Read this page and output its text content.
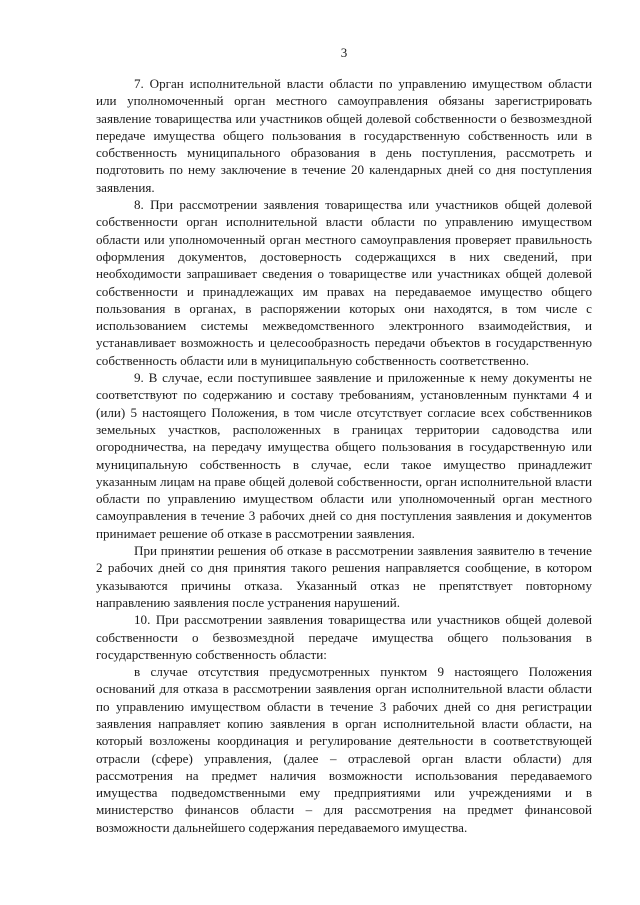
3

7. Орган исполнительной власти области по управлению имуществом области или уполномоченный орган местного самоуправления обязаны зарегистрировать заявление товарищества или участников общей долевой собственности о безвозмездной передаче имущества общего пользования в государственную собственность или в собственность муниципального образования в день поступления, рассмотреть и подготовить по нему заключение в течение 20 календарных дней со дня поступления заявления.

8. При рассмотрении заявления товарищества или участников общей долевой собственности орган исполнительной власти области по управлению имуществом области или уполномоченный орган местного самоуправления проверяет правильность оформления документов, достоверность содержащихся в них сведений, при необходимости запрашивает сведения о товариществе или участниках общей долевой собственности и принадлежащих им правах на передаваемое имущество общего пользования в органах, в распоряжении которых они находятся, в том числе с использованием системы межведомственного электронного взаимодействия, и устанавливает возможность и целесообразность передачи объектов в государственную собственность области или в муниципальную собственность соответственно.

9. В случае, если поступившее заявление и приложенные к нему документы не соответствуют по содержанию и составу требованиям, установленным пунктами 4 и (или) 5 настоящего Положения, в том числе отсутствует согласие всех собственников земельных участков, расположенных в границах территории садоводства или огородничества, на передачу имущества общего пользования в государственную или муниципальную собственность в случае, если такое имущество принадлежит указанным лицам на праве общей долевой собственности, орган исполнительной власти области по управлению имуществом области или уполномоченный орган местного самоуправления в течение 3 рабочих дней со дня поступления заявления и документов принимает решение об отказе в рассмотрении заявления.

При принятии решения об отказе в рассмотрении заявления заявителю в течение 2 рабочих дней со дня принятия такого решения направляется сообщение, в котором указываются причины отказа. Указанный отказ не препятствует повторному направлению заявления после устранения нарушений.

10. При рассмотрении заявления товарищества или участников общей долевой собственности о безвозмездной передаче имущества общего пользования в государственную собственность области:

в случае отсутствия предусмотренных пунктом 9 настоящего Положения оснований для отказа в рассмотрении заявления орган исполнительной власти области по управлению имуществом области в течение 3 рабочих дней со дня регистрации заявления направляет копию заявления в орган исполнительной власти области, на который возложены координация и регулирование деятельности в соответствующей отрасли (сфере) управления, (далее – отраслевой орган власти области) для рассмотрения на предмет наличия возможности использования передаваемого имущества подведомственными ему предприятиями или учреждениями и в министерство финансов области – для рассмотрения на предмет финансовой возможности дальнейшего содержания передаваемого имущества.
